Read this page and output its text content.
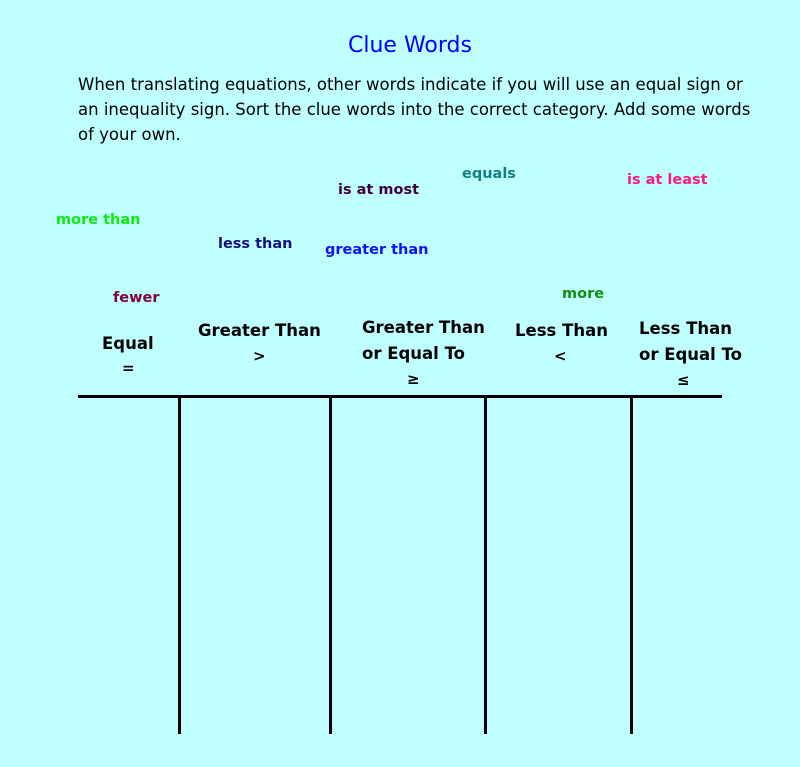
Clue Words
When translating equations, other words indicate if you will use an equal sign or an inequality sign. Sort the clue words into the correct category. Add some words of your own.
is at most
equals	is at least
more than
less than greater than
fewer	more
Equal
=
Greater Than
>
Greater Than
or Equal To
≥
Less Than
<
Less Than
or Equal To
≤
